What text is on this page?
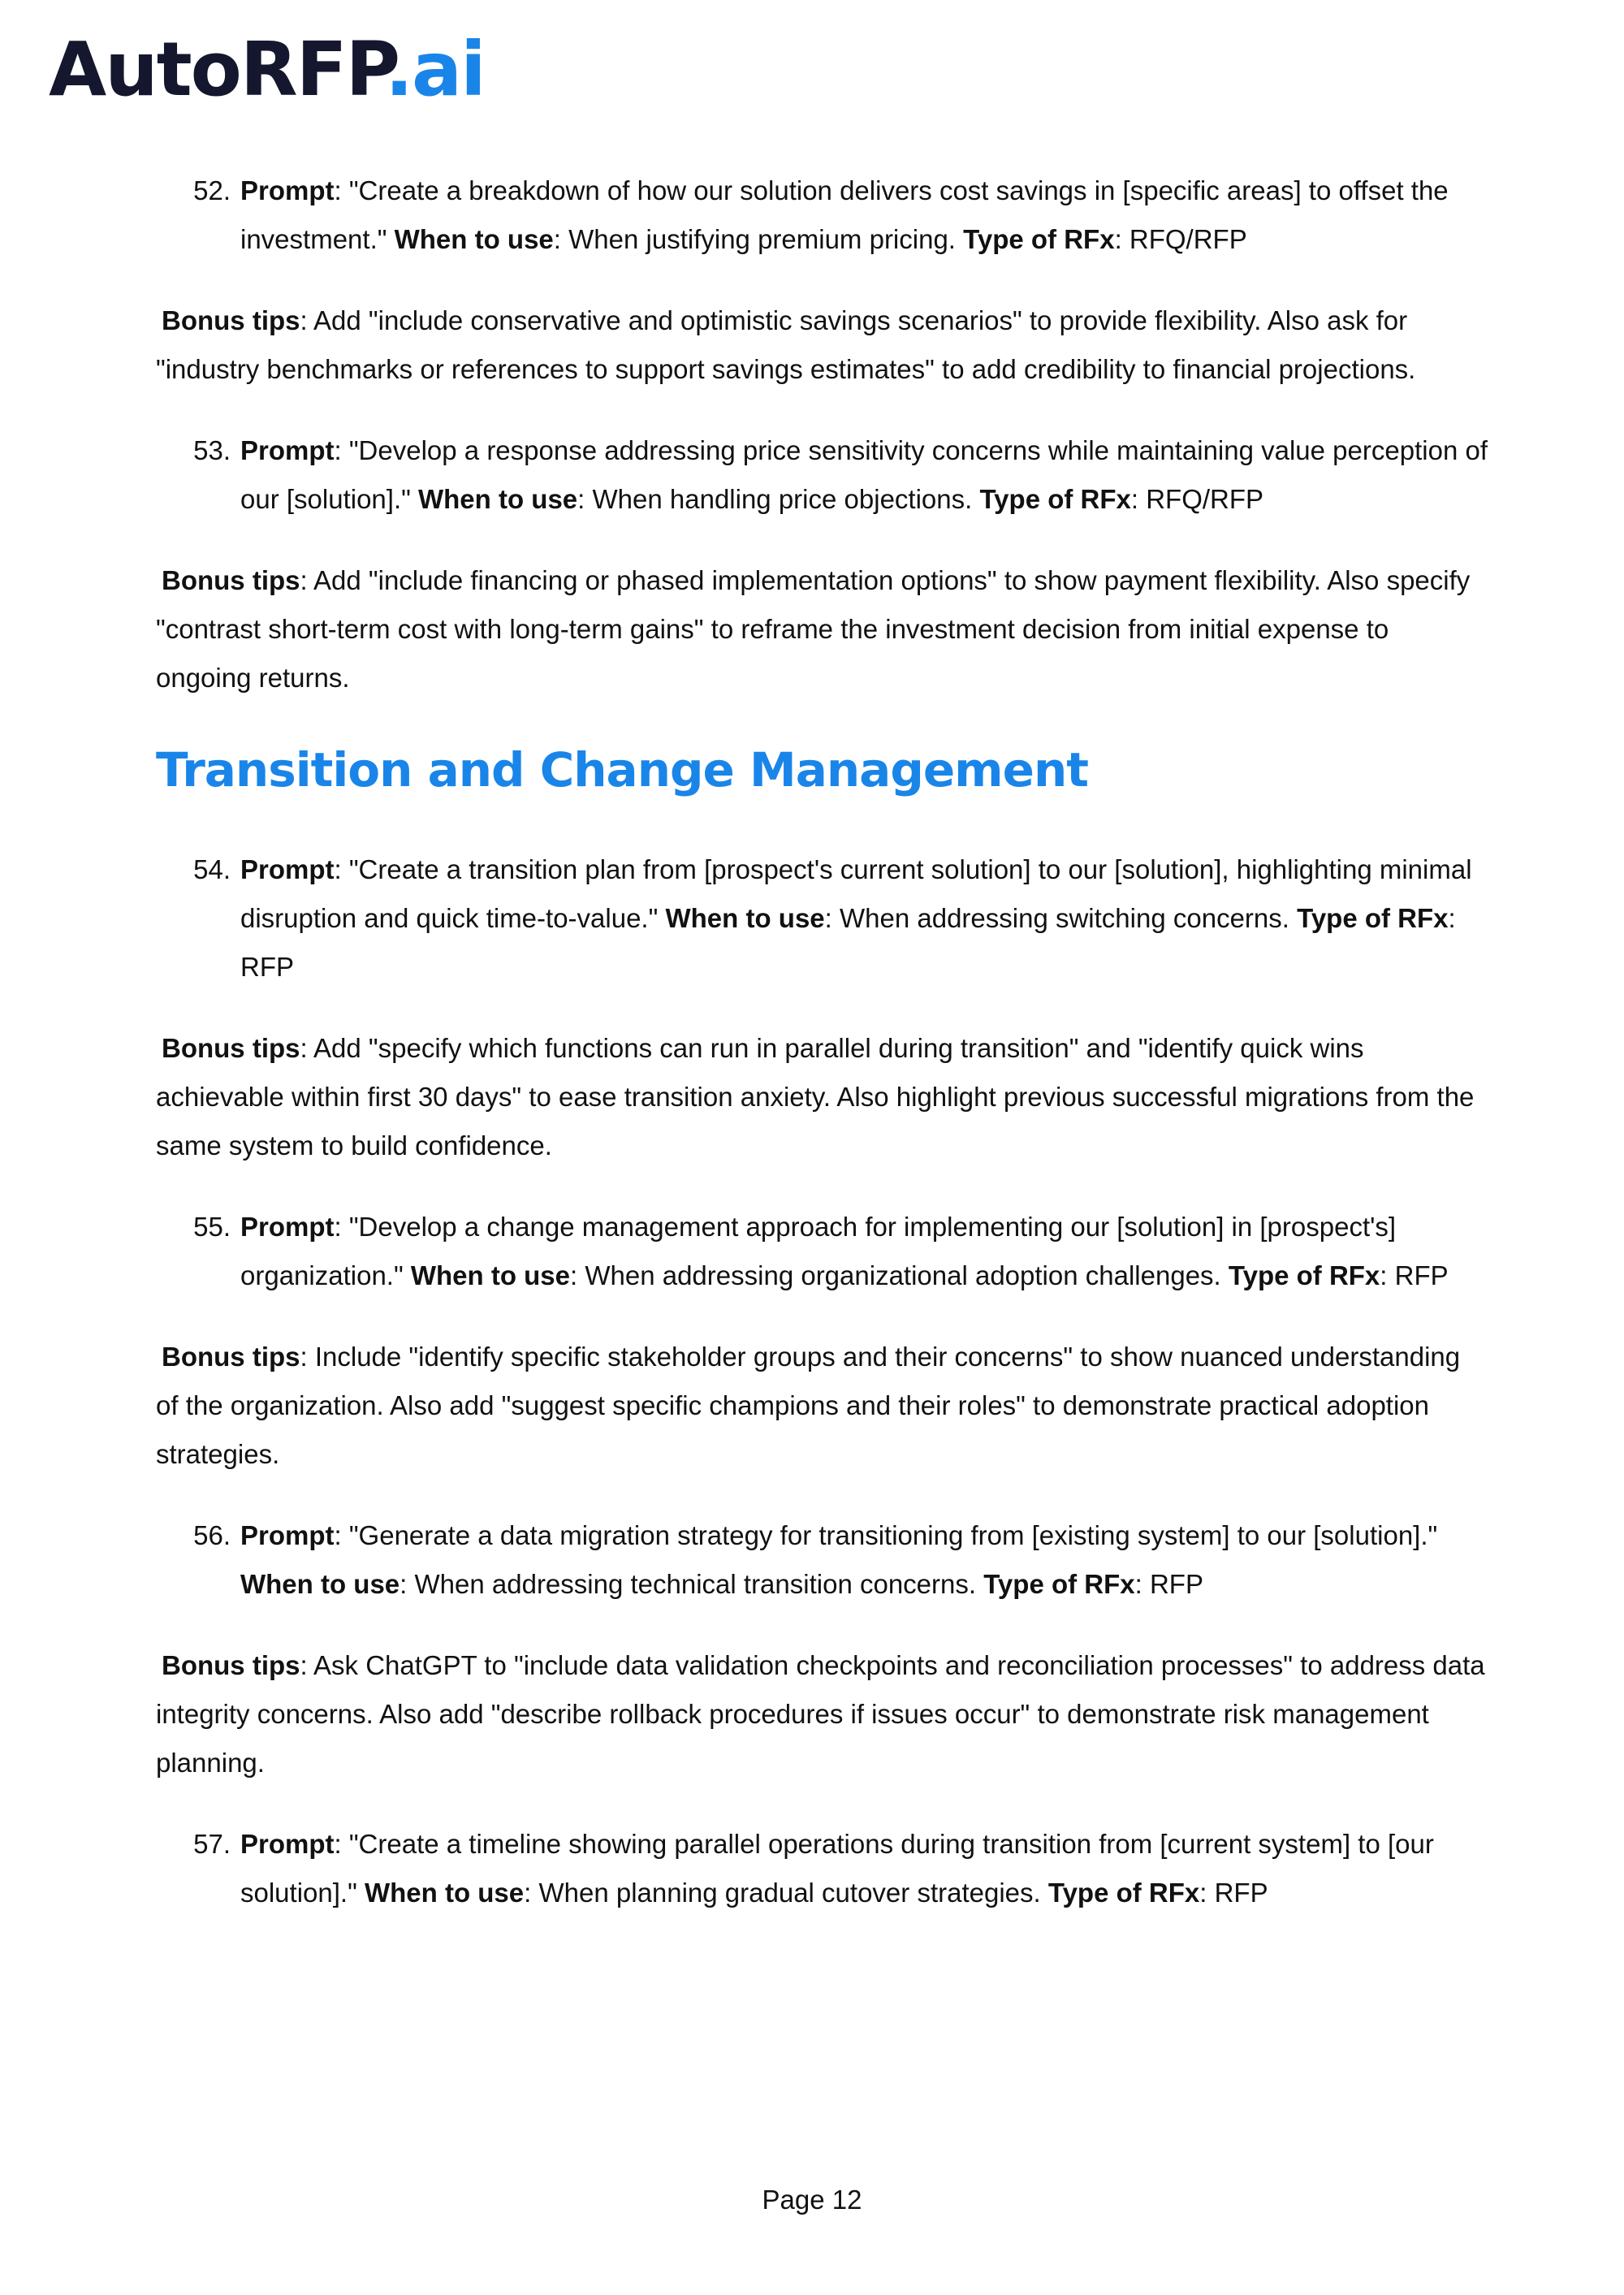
AutoRFP.ai
52. Prompt: "Create a breakdown of how our solution delivers cost savings in [specific areas] to offset the investment." When to use: When justifying premium pricing. Type of RFx: RFQ/RFP

Bonus tips: Add "include conservative and optimistic savings scenarios" to provide flexibility. Also ask for "industry benchmarks or references to support savings estimates" to add credibility to financial projections.

53. Prompt: "Develop a response addressing price sensitivity concerns while maintaining value perception of our [solution]." When to use: When handling price objections. Type of RFx: RFQ/RFP

Bonus tips: Add "include financing or phased implementation options" to show payment flexibility. Also specify "contrast short-term cost with long-term gains" to reframe the investment decision from initial expense to ongoing returns.

Transition and Change Management
54. Prompt: "Create a transition plan from [prospect's current solution] to our [solution], highlighting minimal disruption and quick time-to-value." When to use: When addressing switching concerns. Type of RFx: RFP

Bonus tips: Add "specify which functions can run in parallel during transition" and "identify quick wins achievable within first 30 days" to ease transition anxiety. Also highlight previous successful migrations from the same system to build confidence.

55. Prompt: "Develop a change management approach for implementing our [solution] in [prospect's] organization." When to use: When addressing organizational adoption challenges. Type of RFx: RFP

Bonus tips: Include "identify specific stakeholder groups and their concerns" to show nuanced understanding of the organization. Also add "suggest specific champions and their roles" to demonstrate practical adoption strategies.

56. Prompt: "Generate a data migration strategy for transitioning from [existing system] to our [solution]." When to use: When addressing technical transition concerns. Type of RFx: RFP

Bonus tips: Ask ChatGPT to "include data validation checkpoints and reconciliation processes" to address data integrity concerns. Also add "describe rollback procedures if issues occur" to demonstrate risk management planning.

57. Prompt: "Create a timeline showing parallel operations during transition from [current system] to [our solution]." When to use: When planning gradual cutover strategies. Type of RFx: RFP
Page 12
